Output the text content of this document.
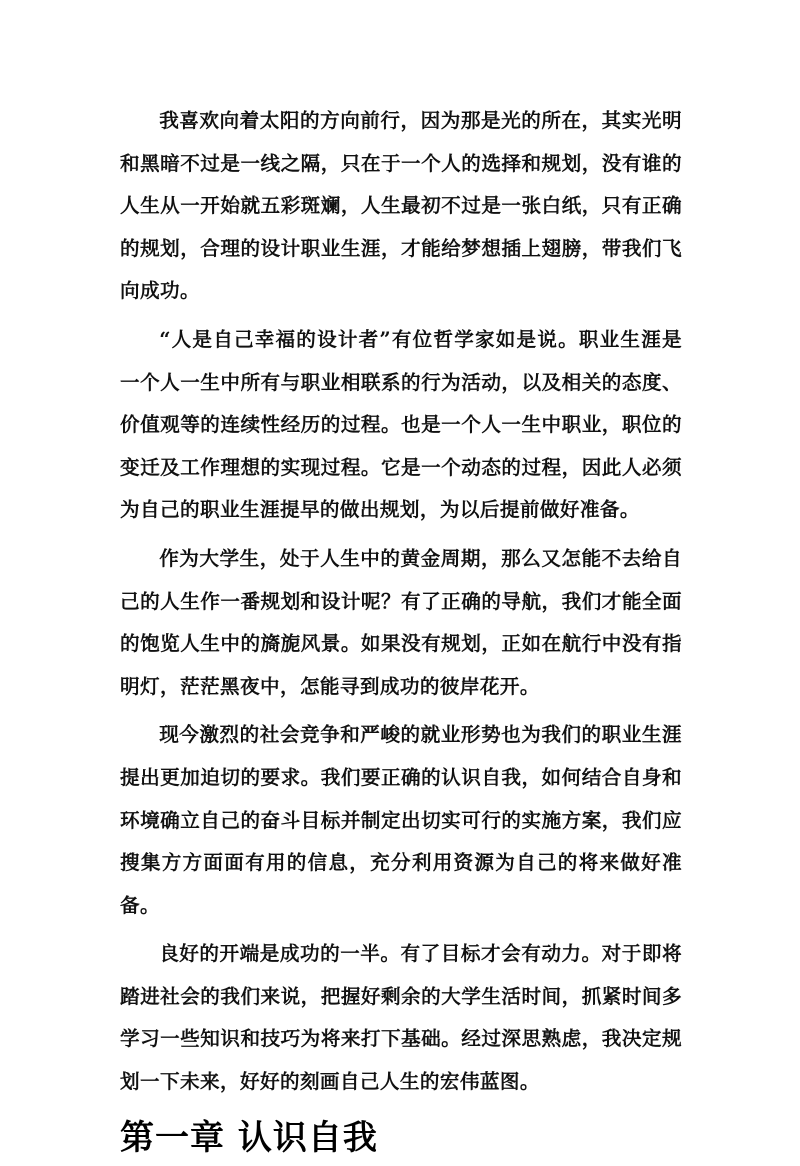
我喜欢向着太阳的方向前行，因为那是光的所在，其实光明和黑暗不过是一线之隔，只在于一个人的选择和规划，没有谁的人生从一开始就五彩斑斓，人生最初不过是一张白纸，只有正确的规划，合理的设计职业生涯，才能给梦想插上翅膀，带我们飞向成功。

“人是自己幸福的设计者”有位哲学家如是说。职业生涯是一个人一生中所有与职业相联系的行为活动，以及相关的态度、价值观等的连续性经历的过程。也是一个人一生中职业，职位的变迁及工作理想的实现过程。它是一个动态的过程，因此人必须为自己的职业生涯提早的做出规划，为以后提前做好准备。

作为大学生，处于人生中的黄金周期，那么又怎能不去给自己的人生作一番规划和设计呢？有了正确的导航，我们才能全面的饱览人生中的旖旎风景。如果没有规划，正如在航行中没有指明灯，茫茫黑夜中，怎能寻到成功的彼岸花开。

现今激烈的社会竞争和严峻的就业形势也为我们的职业生涯提出更加迫切的要求。我们要正确的认识自我，如何结合自身和环境确立自己的奋斗目标并制定出切实可行的实施方案，我们应搜集方方面面有用的信息，充分利用资源为自己的将来做好准备。

良好的开端是成功的一半。有了目标才会有动力。对于即将踏进社会的我们来说，把握好剩余的大学生活时间，抓紧时间多学习一些知识和技巧为将来打下基础。经过深思熟虑，我决定规划一下未来，好好的刻画自己人生的宏伟蓝图。

第一章 认识自我
